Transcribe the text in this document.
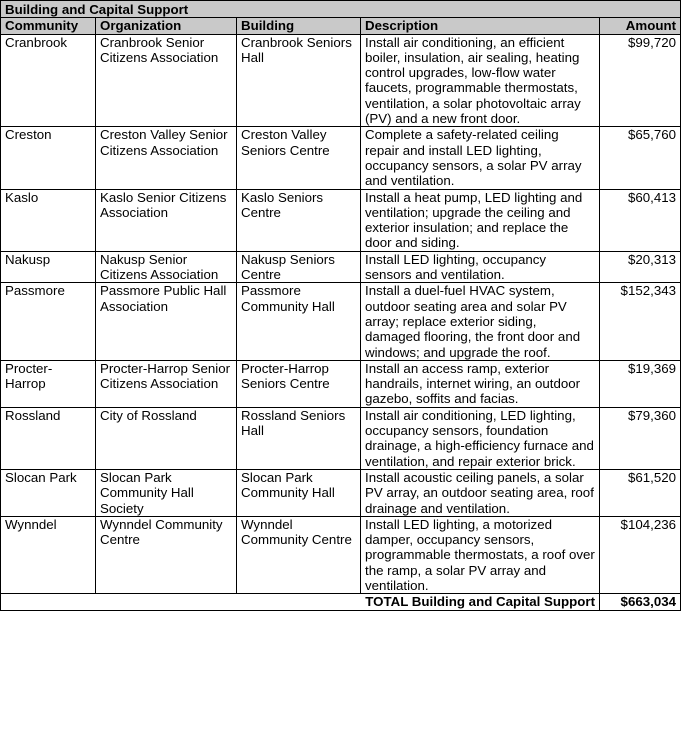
Building and Capital Support				
Community	Organization	Building	Description	Amount
Cranbrook	Cranbrook Senior Citizens Association	Cranbrook Seniors Hall	Install air conditioning, an efficient boiler, insulation, air sealing, heating control upgrades, low-flow water faucets, programmable thermostats, ventilation, a solar photovoltaic array (PV) and a new front door.	$99,720
Creston	Creston Valley Senior Citizens Association	Creston Valley Seniors Centre	Complete a safety-related ceiling repair and install LED lighting, occupancy sensors, a solar PV array and ventilation.	$65,760
Kaslo	Kaslo Senior Citizens Association	Kaslo Seniors Centre	Install a heat pump, LED lighting and ventilation; upgrade the ceiling and exterior insulation; and replace the door and siding.	$60,413
Nakusp	Nakusp Senior Citizens Association	Nakusp Seniors Centre	Install LED lighting, occupancy sensors and ventilation.	$20,313
Passmore	Passmore Public Hall Association	Passmore Community Hall	Install a duel-fuel HVAC system, outdoor seating area and solar PV array; replace exterior siding, damaged flooring, the front door and windows; and upgrade the roof.	$152,343
Procter-Harrop	Procter-Harrop Senior Citizens Association	Procter-Harrop Seniors Centre	Install an access ramp, exterior handrails, internet wiring, an outdoor gazebo, soffits and facias.	$19,369
Rossland	City of Rossland	Rossland Seniors Hall	Install air conditioning, LED lighting, occupancy sensors, foundation drainage, a high-efficiency furnace and ventilation, and repair exterior brick.	$79,360
Slocan Park	Slocan Park Community Hall Society	Slocan Park Community Hall	Install acoustic ceiling panels, a solar PV array, an outdoor seating area, roof drainage and ventilation.	$61,520
Wynndel	Wynndel Community Centre	Wynndel Community Centre	Install LED lighting, a motorized damper, occupancy sensors, programmable thermostats, a roof over the ramp, a solar PV array and ventilation.	$104,236
TOTAL Building and Capital Support				$663,034
